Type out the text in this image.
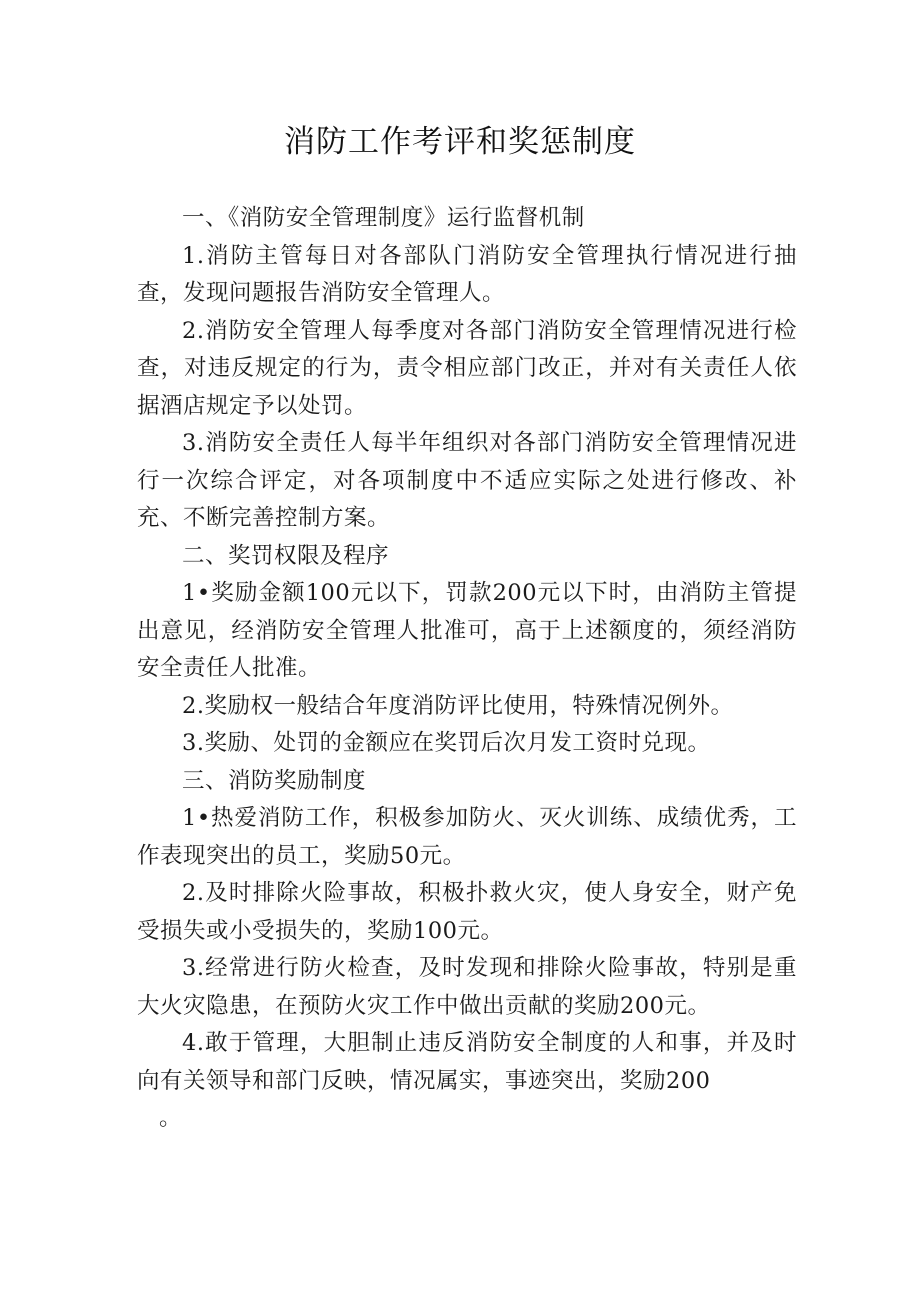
消防工作考评和奖惩制度

一、《消防安全管理制度》运行监督机制

1.消防主管每日对各部队门消防安全管理执行情况进行抽查，发现问题报告消防安全管理人。

2.消防安全管理人每季度对各部门消防安全管理情况进行检查，对违反规定的行为，责令相应部门改正，并对有关责任人依据酒店规定予以处罚。

3.消防安全责任人每半年组织对各部门消防安全管理情况进行一次综合评定，对各项制度中不适应实际之处进行修改、补充、不断完善控制方案。

二、奖罚权限及程序

1•奖励金额100元以下，罚款200元以下时，由消防主管提出意见，经消防安全管理人批准可，高于上述额度的，须经消防安全责任人批准。

2.奖励权一般结合年度消防评比使用，特殊情况例外。

3.奖励、处罚的金额应在奖罚后次月发工资时兑现。

三、消防奖励制度

1•热爱消防工作，积极参加防火、灭火训练、成绩优秀，工作表现突出的员工，奖励50元。

2.及时排除火险事故，积极扑救火灾，使人身安全，财产免受损失或小受损失的，奖励100元。

3.经常进行防火检查，及时发现和排除火险事故，特别是重大火灾隐患，在预防火灾工作中做出贡献的奖励200元。

4.敢于管理，大胆制止违反消防安全制度的人和事，并及时向有关领导和部门反映，情况属实，事迹突出，奖励200

。
